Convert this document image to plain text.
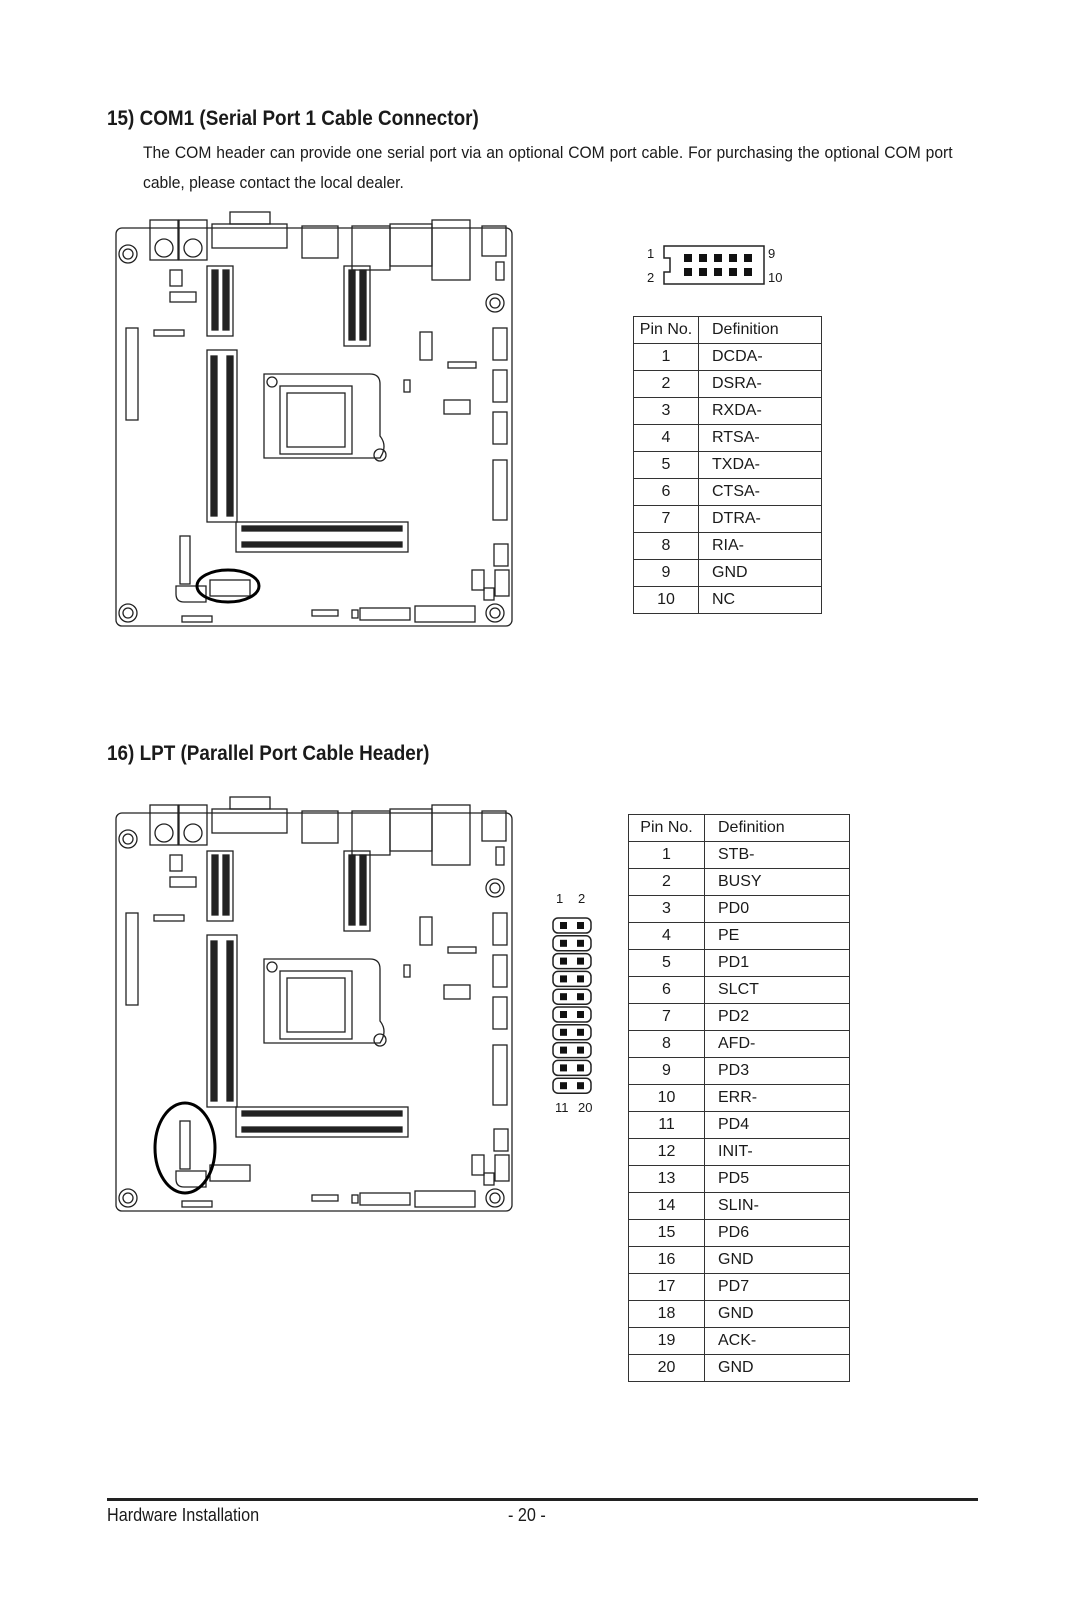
15) COM1 (Serial Port 1 Cable Connector)
The COM header can provide one serial port via an optional COM port cable. For purchasing the optional COM port cable, please contact the local dealer.
1
2
9
10
Pin No.	Definition
1	DCDA-
2	DSRA-
3	RXDA-
4	RTSA-
5	TXDA-
6	CTSA-
7	DTRA-
8	RIA-
9	GND
10	NC
16) LPT (Parallel Port Cable Header)
1 2
11 20
Pin No.	Definition
1	STB-
2	BUSY
3	PD0
4	PE
5	PD1
6	SLCT
7	PD2
8	AFD-
9	PD3
10	ERR-
11	PD4
12	INIT-
13	PD5
14	SLIN-
15	PD6
16	GND
17	PD7
18	GND
19	ACK-
20	GND
Hardware Installation	- 20 -
